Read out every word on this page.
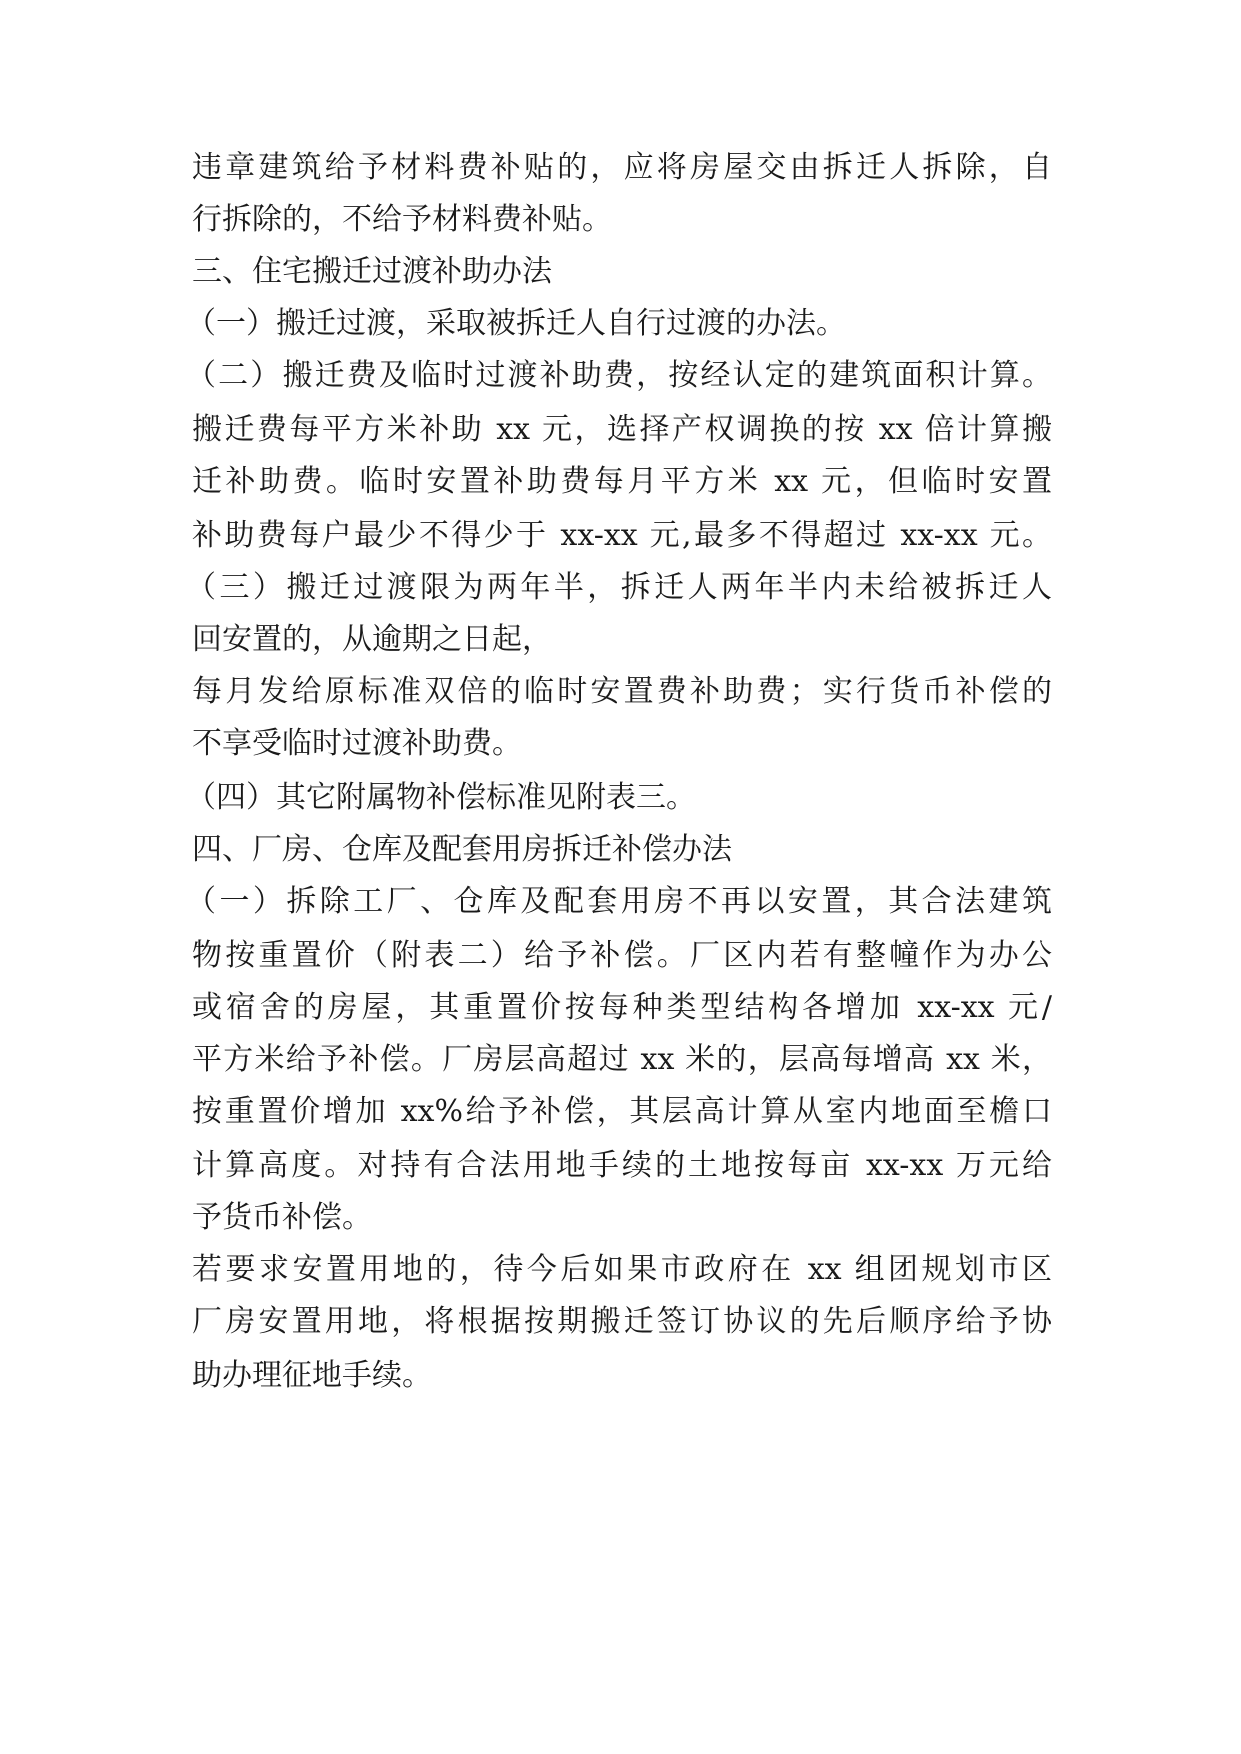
违章建筑给予材料费补贴的，应将房屋交由拆迁人拆除，自
行拆除的，不给予材料费补贴。
三、住宅搬迁过渡补助办法
（一）搬迁过渡，采取被拆迁人自行过渡的办法。
（二）搬迁费及临时过渡补助费，按经认定的建筑面积计算。
搬迁费每平方米补助 xx 元，选择产权调换的按 xx 倍计算搬
迁补助费。临时安置补助费每月平方米 xx 元，但临时安置
补助费每户最少不得少于 xx-xx 元,最多不得超过 xx-xx 元。
（三）搬迁过渡限为两年半，拆迁人两年半内未给被拆迁人
回安置的，从逾期之日起，
每月发给原标准双倍的临时安置费补助费；实行货币补偿的
不享受临时过渡补助费。
（四）其它附属物补偿标准见附表三。
四、厂房、仓库及配套用房拆迁补偿办法
（一）拆除工厂、仓库及配套用房不再以安置，其合法建筑
物按重置价（附表二）给予补偿。厂区内若有整幢作为办公
或宿舍的房屋，其重置价按每种类型结构各增加 xx-xx 元/
平方米给予补偿。厂房层高超过 xx 米的，层高每增高 xx 米，
按重置价增加 xx%给予补偿，其层高计算从室内地面至檐口
计算高度。对持有合法用地手续的土地按每亩 xx-xx 万元给
予货币补偿。
若要求安置用地的，待今后如果市政府在 xx 组团规划市区
厂房安置用地，将根据按期搬迁签订协议的先后顺序给予协
助办理征地手续。
